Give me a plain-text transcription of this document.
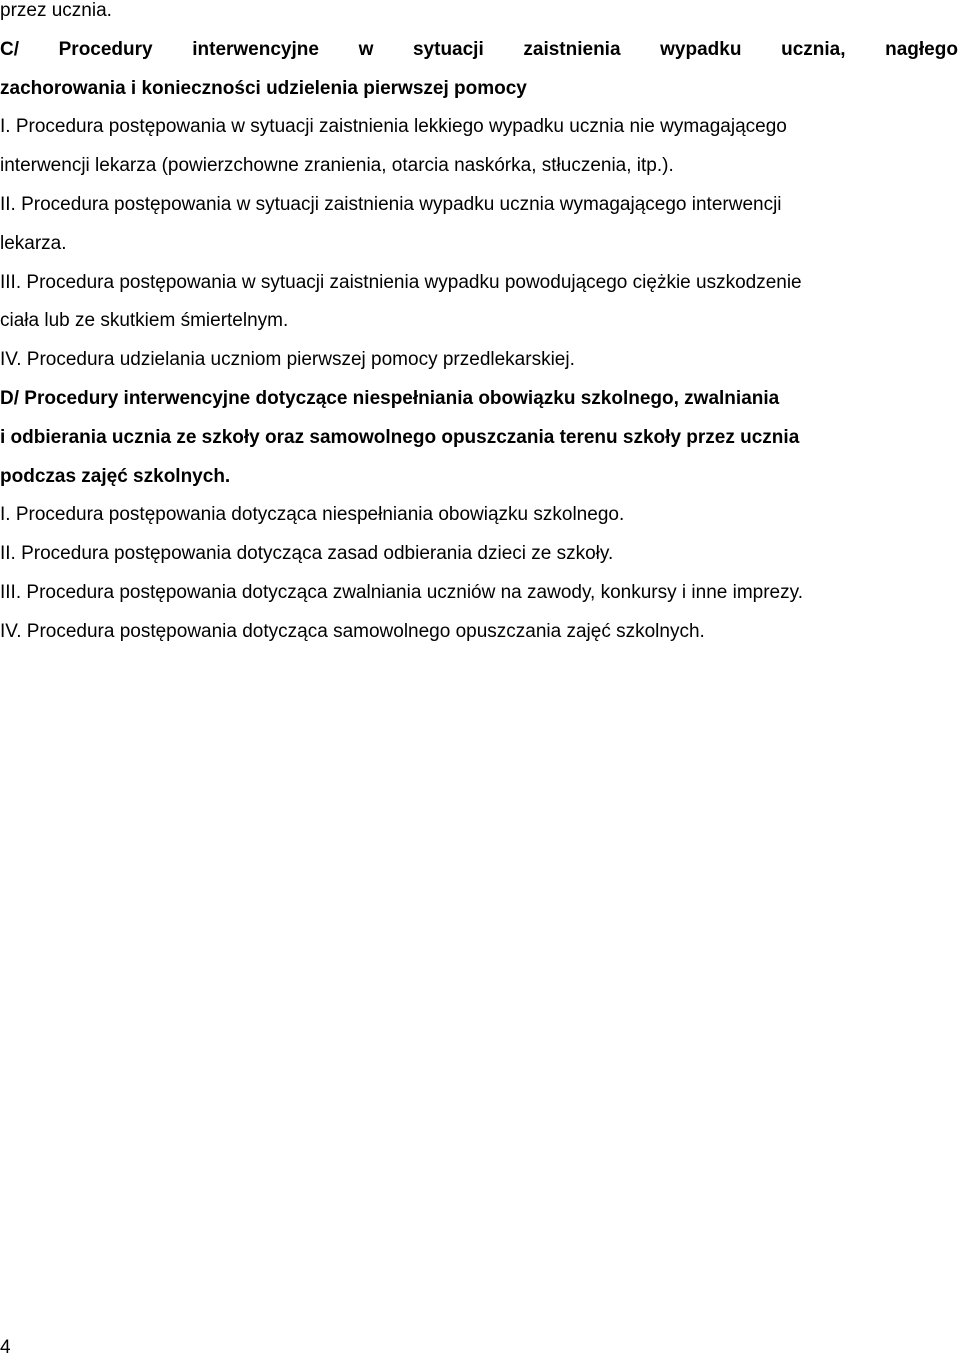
przez ucznia.

C/ Procedury interwencyjne w sytuacji zaistnienia wypadku ucznia, nagłego

zachorowania i konieczności udzielenia pierwszej pomocy

I. Procedura postępowania w sytuacji zaistnienia lekkiego wypadku ucznia nie wymagającego

interwencji lekarza (powierzchowne zranienia, otarcia naskórka, stłuczenia, itp.).

II. Procedura postępowania w sytuacji zaistnienia wypadku ucznia wymagającego interwencji

lekarza.

III. Procedura postępowania w sytuacji zaistnienia wypadku powodującego ciężkie uszkodzenie

ciała lub ze skutkiem śmiertelnym.

IV. Procedura udzielania uczniom pierwszej pomocy przedlekarskiej.

D/ Procedury interwencyjne dotyczące niespełniania obowiązku szkolnego, zwalniania

i odbierania ucznia ze szkoły oraz samowolnego opuszczania terenu szkoły przez ucznia

podczas zajęć szkolnych.

I. Procedura postępowania dotycząca niespełniania obowiązku szkolnego.

II. Procedura postępowania dotycząca zasad odbierania dzieci ze szkoły.

III. Procedura postępowania dotycząca zwalniania uczniów na zawody, konkursy i inne imprezy.

IV. Procedura postępowania dotycząca samowolnego opuszczania zajęć szkolnych.

4
